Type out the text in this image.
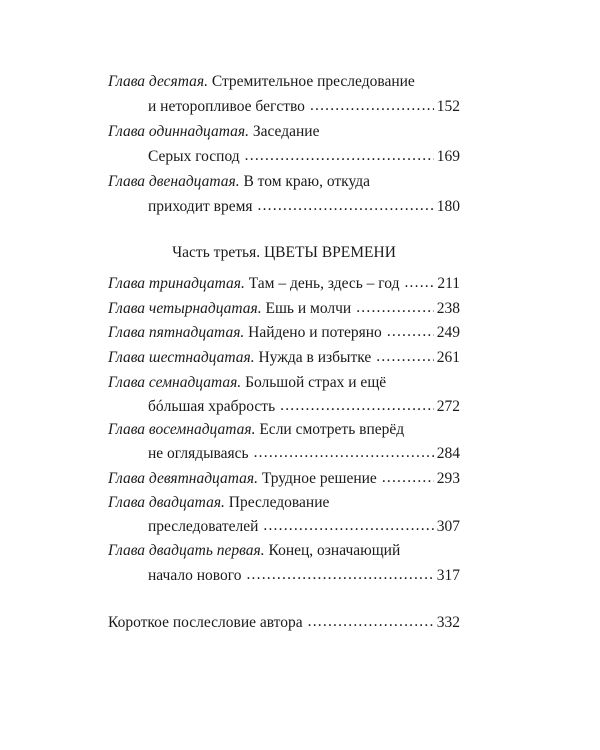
Глава десятая.
Стремительное преследование
и неторопливое бегство .....	152
Глава одиннадцатая.
Заседание
Серых господ .....	169
Глава двенадцатая.
В том краю, откуда
приходит время .....	180
Часть третья. ЦВЕТЫ ВРЕМЕНИ
Глава тринадцатая.
Там – день, здесь – год ..... 211
Глава четырнадцатая.
Ешь и молчи .....	238
Глава пятнадцатая.
Найдено и потеряно .....	249
Глава шестнадцатая.
Нужда в избытке .....	261
Глава семнадцатая.
Большой страх и ещё
бóльшая храбрость .....	272
Глава восемнадцатая.
Если смотреть вперёд
не оглядываясь .....	284
Глава девятнадцатая.
Трудное решение .....	293
Глава двадцатая.
Преследование
преследователей .....	307
Глава двадцать первая.
Конец, означающий
начало нового .....	317
Короткое послесловие автора .....	332
